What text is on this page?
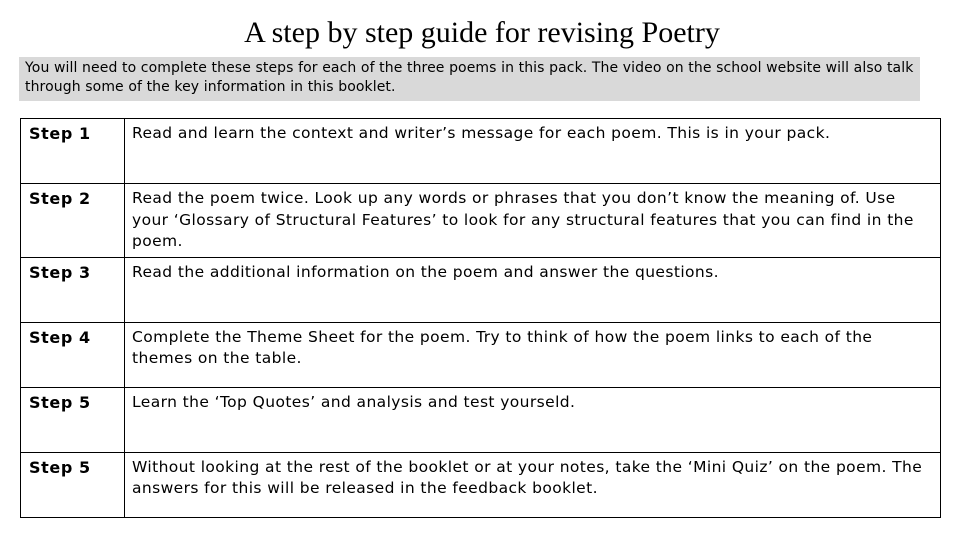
A step by step guide for revising Poetry
You will need to complete these steps for each of the three poems in this pack. The video on the school website will also talk through some of the key information in this booklet.
Step 1	Read and learn the context and writer’s message for each poem. This is in your pack.
Step 2	Read the poem twice. Look up any words or phrases that you don’t know the meaning of. Use your ‘Glossary of Structural Features’ to look for any structural features that you can find in the poem.
Step 3	Read the additional information on the poem and answer the questions.
Step 4	Complete the Theme Sheet for the poem. Try to think of how the poem links to each of the themes on the table.
Step 5	Learn the ‘Top Quotes’ and analysis and test yourseld.
Step 5	Without looking at the rest of the booklet or at your notes, take the ‘Mini Quiz’ on the poem. The answers for this will be released in the feedback booklet.
